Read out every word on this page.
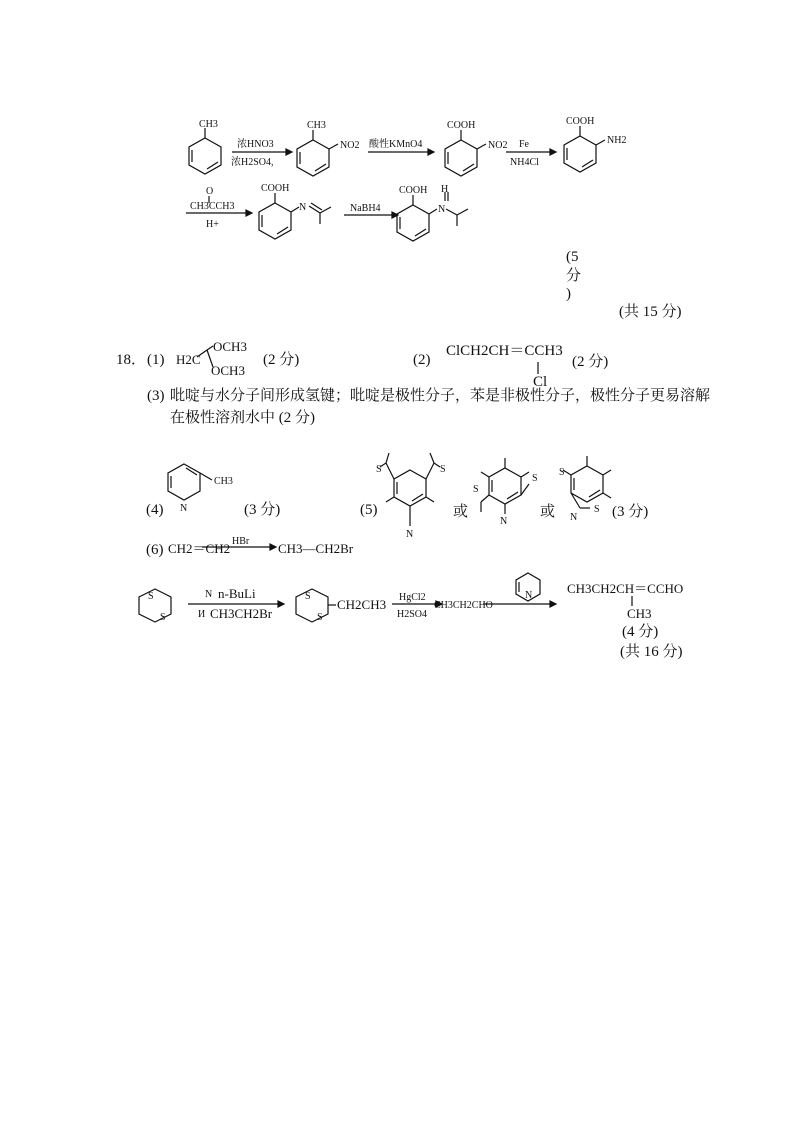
CH3
浓HNO3
浓H2SO4,
CH3
NO2 酸性KMnO4
COOH
NO2 Fe
NH4Cl
COOH
NH2
O
CH3CCH3
H+
COOH
N	NaBH4
COOH H
N
(5
分
)
(共 15 分)
18． (1) H2C
OCH3
OCH3
(2 分)	(2)
ClCH2CH＝CCH3
Cl
(2 分)
(3) 吡啶与水分子间形成氢键；吡啶是极性分子，苯是非极性分子，极性分子更易溶解
在极性溶剂水中 (2 分)
(4) N
CH3
(3 分)	(5)
S	S
N
或
S
S
N
或
S
S
N (3 分)
(6) CH2＝CH2 HBr CH3—CH2Br
S
S
N n-BuLi
И CH3CH2Br
S
S
CH2CH3 HgCl2
H2SO4
CH3CH2CHO
N	CH3CH2CH＝CCHO
CH3
(4 分)
(共 16 分)
